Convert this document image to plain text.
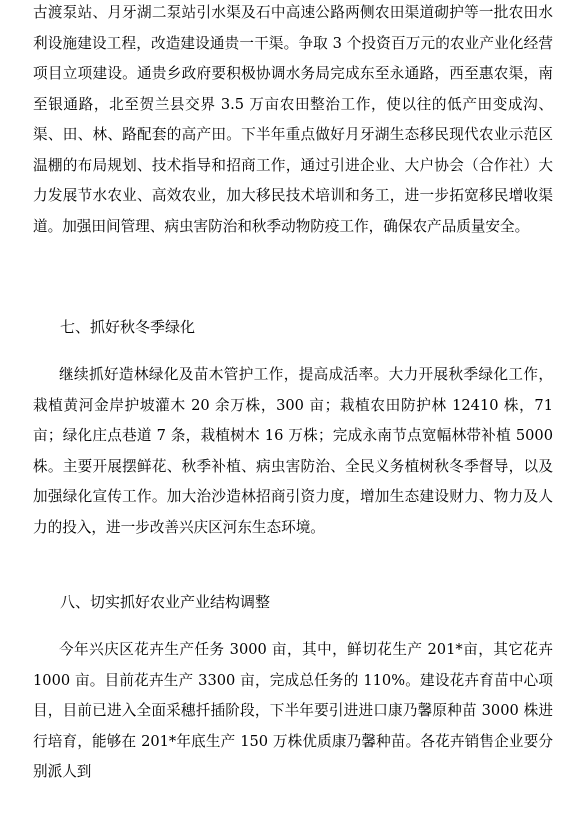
古渡泵站、月牙湖二泵站引水渠及石中高速公路两侧农田渠道砌护等一批农田水利设施建设工程，改造建设通贵一干渠。争取 3 个投资百万元的农业产业化经营项目立项建设。通贵乡政府要积极协调水务局完成东至永通路，西至惠农渠，南至银通路，北至贺兰县交界 3.5 万亩农田整治工作，使以往的低产田变成沟、渠、田、林、路配套的高产田。下半年重点做好月牙湖生态移民现代农业示范区温棚的布局规划、技术指导和招商工作，通过引进企业、大户协会（合作社）大力发展节水农业、高效农业，加大移民技术培训和务工，进一步拓宽移民增收渠道。加强田间管理、病虫害防治和秋季动物防疫工作，确保农产品质量安全。

七、抓好秋冬季绿化

继续抓好造林绿化及苗木管护工作，提高成活率。大力开展秋季绿化工作，栽植黄河金岸护坡灌木 20 余万株，300 亩；栽植农田防护林 12410 株，71 亩；绿化庄点巷道 7 条，栽植树木 16 万株；完成永南节点宽幅林带补植 5000 株。主要开展摆鲜花、秋季补植、病虫害防治、全民义务植树秋冬季督导，以及加强绿化宣传工作。加大治沙造林招商引资力度，增加生态建设财力、物力及人力的投入，进一步改善兴庆区河东生态环境。

八、切实抓好农业产业结构调整

今年兴庆区花卉生产任务 3000 亩，其中，鲜切花生产 201*亩，其它花卉 1000 亩。目前花卉生产 3300 亩，完成总任务的 110%。建设花卉育苗中心项目，目前已进入全面采穗扦插阶段，下半年要引进进口康乃馨原种苗 3000 株进行培育，能够在 201*年底生产 150 万株优质康乃馨种苗。各花卉销售企业要分别派人到
